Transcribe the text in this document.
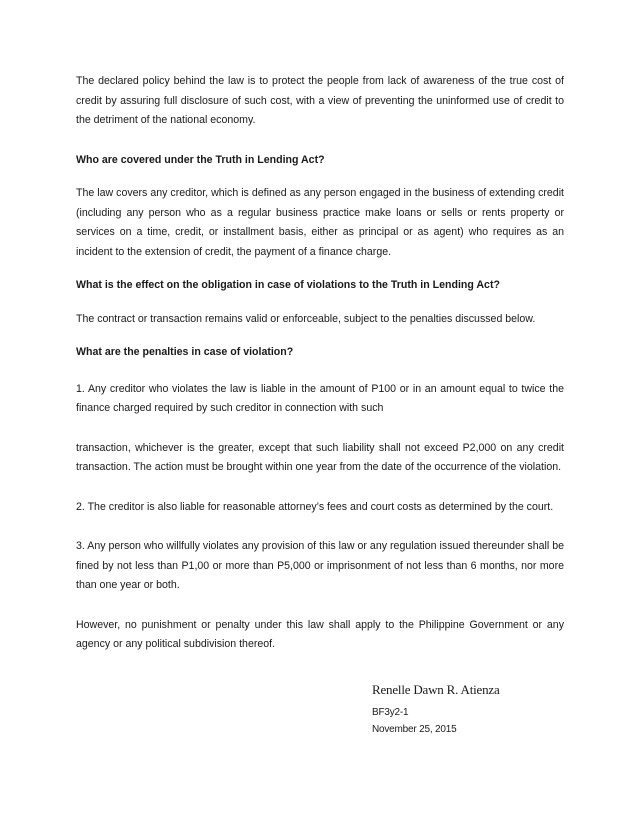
The declared policy behind the law is to protect the people from lack of awareness of the true cost of credit by assuring full disclosure of such cost, with a view of preventing the uninformed use of credit to the detriment of the national economy.

Who are covered under the Truth in Lending Act?

The law covers any creditor, which is defined as any person engaged in the business of extending credit (including any person who as a regular business practice make loans or sells or rents property or services on a time, credit, or installment basis, either as principal or as agent) who requires as an incident to the extension of credit, the payment of a finance charge.

What is the effect on the obligation in case of violations to the Truth in Lending Act?

The contract or transaction remains valid or enforceable, subject to the penalties discussed below.

What are the penalties in case of violation?

1. Any creditor who violates the law is liable in the amount of P100 or in an amount equal to twice the finance charged required by such creditor in connection with such

transaction, whichever is the greater, except that such liability shall not exceed P2,000 on any credit transaction. The action must be brought within one year from the date of the occurrence of the violation.

2. The creditor is also liable for reasonable attorney’s fees and court costs as determined by the court.

3. Any person who willfully violates any provision of this law or any regulation issued thereunder shall be fined by not less than P1,00 or more than P5,000 or imprisonment of not less than 6 months, nor more than one year or both.

However, no punishment or penalty under this law shall apply to the Philippine Government or any agency or any political subdivision thereof.

Renelle Dawn R. Atienza
BF3y2-1
November 25, 2015
